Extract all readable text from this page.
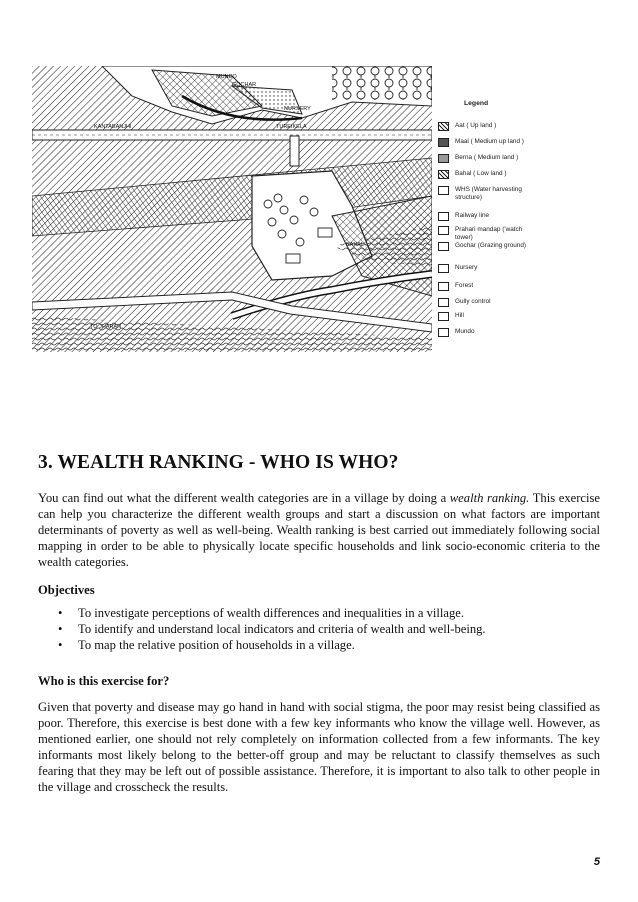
KANTABANJHI	TUREIKELA
TO JHARAN
BAHAL
GOCHAR
MUNDO
NURSERY
Legend
Aat ( Up land )
Maal ( Medium up land )
Berna ( Medium land )
Bahal ( Low land )
WHS (Water harvesting structure)
Railway line
Prahari mandap ('watch tower)
Gochar (Grazing ground)
Nursery
Forest
Gully control
Hill
Mundo
3. WEALTH RANKING - WHO IS WHO?
You can find out what the different wealth categories are in a village by doing a wealth ranking. This exercise can help you characterize the different wealth groups and start a discussion on what factors are important determinants of poverty as well as well-being. Wealth ranking is best carried out immediately following social mapping in order to be able to physically locate specific households and link socio-economic criteria to the wealth categories.
Objectives
• To investigate perceptions of wealth differences and inequalities in a village.
• To identify and understand local indicators and criteria of wealth and well-being.
• To map the relative position of households in a village.
Who is this exercise for?
Given that poverty and disease may go hand in hand with social stigma, the poor may resist being classified as poor. Therefore, this exercise is best done with a few key informants who know the village well. However, as mentioned earlier, one should not rely completely on information collected from a few informants. The key informants most likely belong to the better-off group and may be reluctant to classify themselves as such fearing that they may be left out of possible assistance. Therefore, it is important to also talk to other people in the village and crosscheck the results.
5
